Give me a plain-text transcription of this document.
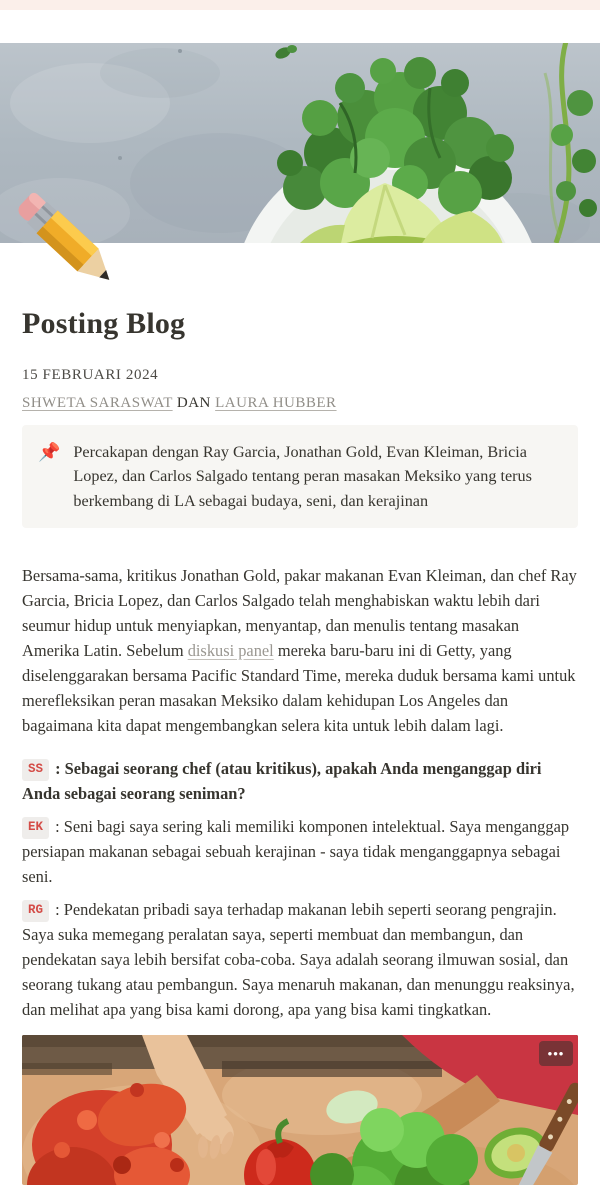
Posting Blog
15 FEBRUARI 2024
SHWETA SARASWAT DAN LAURA HUBBER
📌 Percakapan dengan Ray Garcia, Jonathan Gold, Evan Kleiman, Bricia Lopez, dan Carlos Salgado tentang peran masakan Meksiko yang terus berkembang di LA sebagai budaya, seni, dan kerajinan

Bersama-sama, kritikus Jonathan Gold, pakar makanan Evan Kleiman, dan chef Ray Garcia, Bricia Lopez, dan Carlos Salgado telah menghabiskan waktu lebih dari seumur hidup untuk menyiapkan, menyantap, dan menulis tentang masakan Amerika Latin. Sebelum diskusi panel mereka baru-baru ini di Getty, yang diselenggarakan bersama Pacific Standard Time, mereka duduk bersama kami untuk merefleksikan peran masakan Meksiko dalam kehidupan Los Angeles dan bagaimana kita dapat mengembangkan selera kita untuk lebih dalam lagi.

SS : Sebagai seorang chef (atau kritikus), apakah Anda menganggap diri Anda sebagai seorang seniman?

EK : Seni bagi saya sering kali memiliki komponen intelektual. Saya menganggap persiapan makanan sebagai sebuah kerajinan - saya tidak menganggapnya sebagai seni.

RG : Pendekatan pribadi saya terhadap makanan lebih seperti seorang pengrajin. Saya suka memegang peralatan saya, seperti membuat dan membangun, dan pendekatan saya lebih bersifat coba-coba. Saya adalah seorang ilmuwan sosial, dan seorang tukang atau pembangun. Saya menaruh makanan, dan menunggu reaksinya, dan melihat apa yang bisa kami dorong, apa yang bisa kami tingkatkan.

•••
